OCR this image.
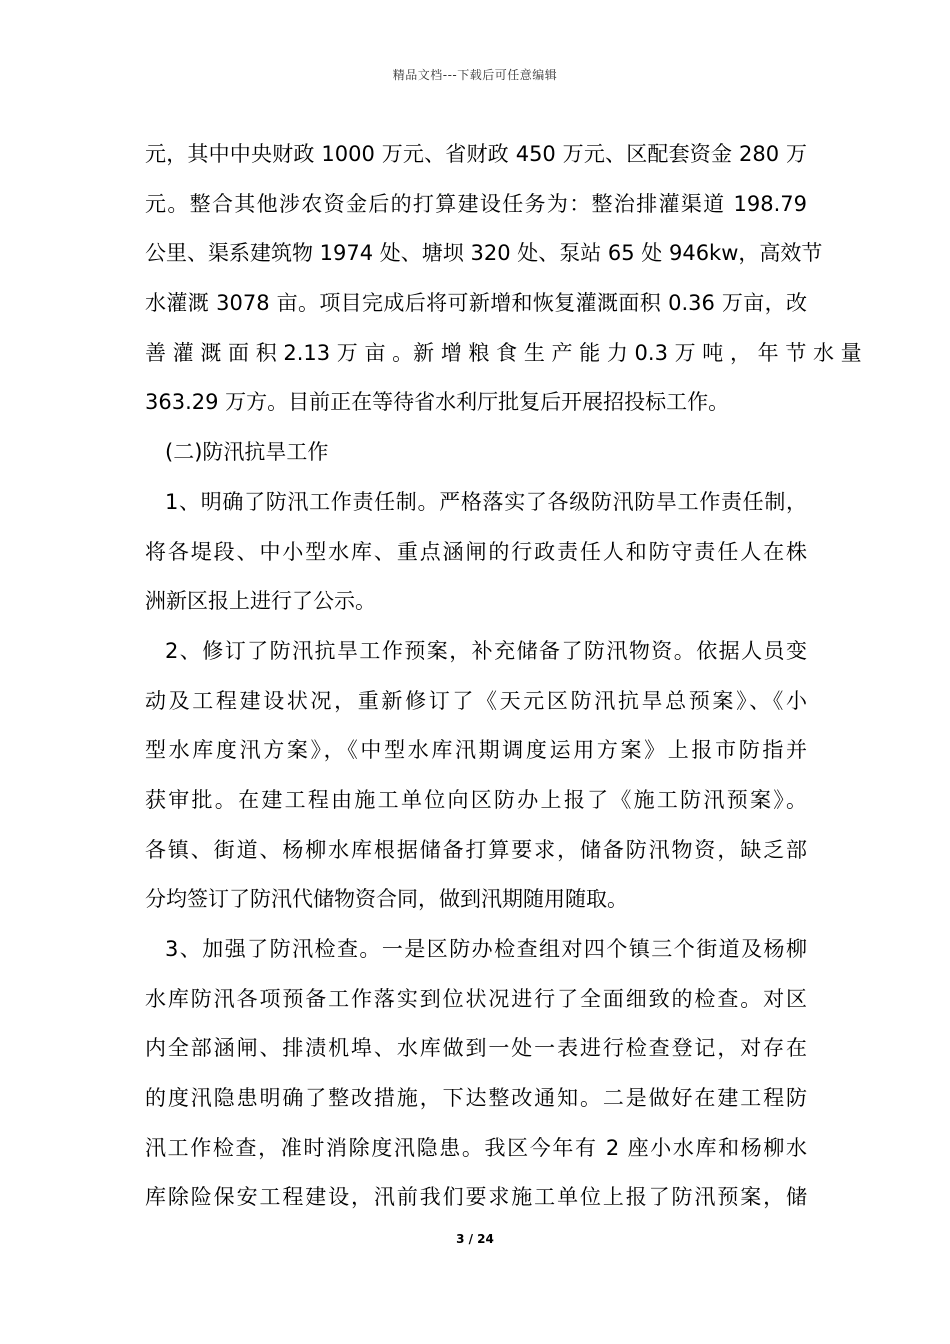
精品文档---下载后可任意编辑
元，其中中央财政 1000 万元、省财政 450 万元、区配套资金 280 万
元。整合其他涉农资金后的打算建设任务为：整治排灌渠道 198.79
公里、渠系建筑物 1974 处、塘坝 320 处、泵站 65 处 946kw，高效节
水灌溉 3078 亩。项目完成后将可新增和恢复灌溉面积 0.36 万亩，改
善 灌 溉 面 积 2.13 万 亩 。新 增 粮 食 生 产 能 力 0.3 万 吨 ， 年 节 水 量
363.29 万方。目前正在等待省水利厅批复后开展招投标工作。
(二)防汛抗旱工作
1、明确了防汛工作责任制。严格落实了各级防汛防旱工作责任制，
将各堤段、中小型水库、重点涵闸的行政责任人和防守责任人在株
洲新区报上进行了公示。
2、修订了防汛抗旱工作预案，补充储备了防汛物资。依据人员变
动及工程建设状况，重新修订了《天元区防汛抗旱总预案》、《小
型水库度汛方案》，《中型水库汛期调度运用方案》上报市防指并
获审批。在建工程由施工单位向区防办上报了《施工防汛预案》。
各镇、街道、杨柳水库根据储备打算要求，储备防汛物资，缺乏部
分均签订了防汛代储物资合同，做到汛期随用随取。
3、加强了防汛检查。一是区防办检查组对四个镇三个街道及杨柳
水库防汛各项预备工作落实到位状况进行了全面细致的检查。对区
内全部涵闸、排渍机埠、水库做到一处一表进行检查登记，对存在
的度汛隐患明确了整改措施，下达整改通知。二是做好在建工程防
汛工作检查，准时消除度汛隐患。我区今年有 2 座小水库和杨柳水
库除险保安工程建设，汛前我们要求施工单位上报了防汛预案，储
3 / 24
